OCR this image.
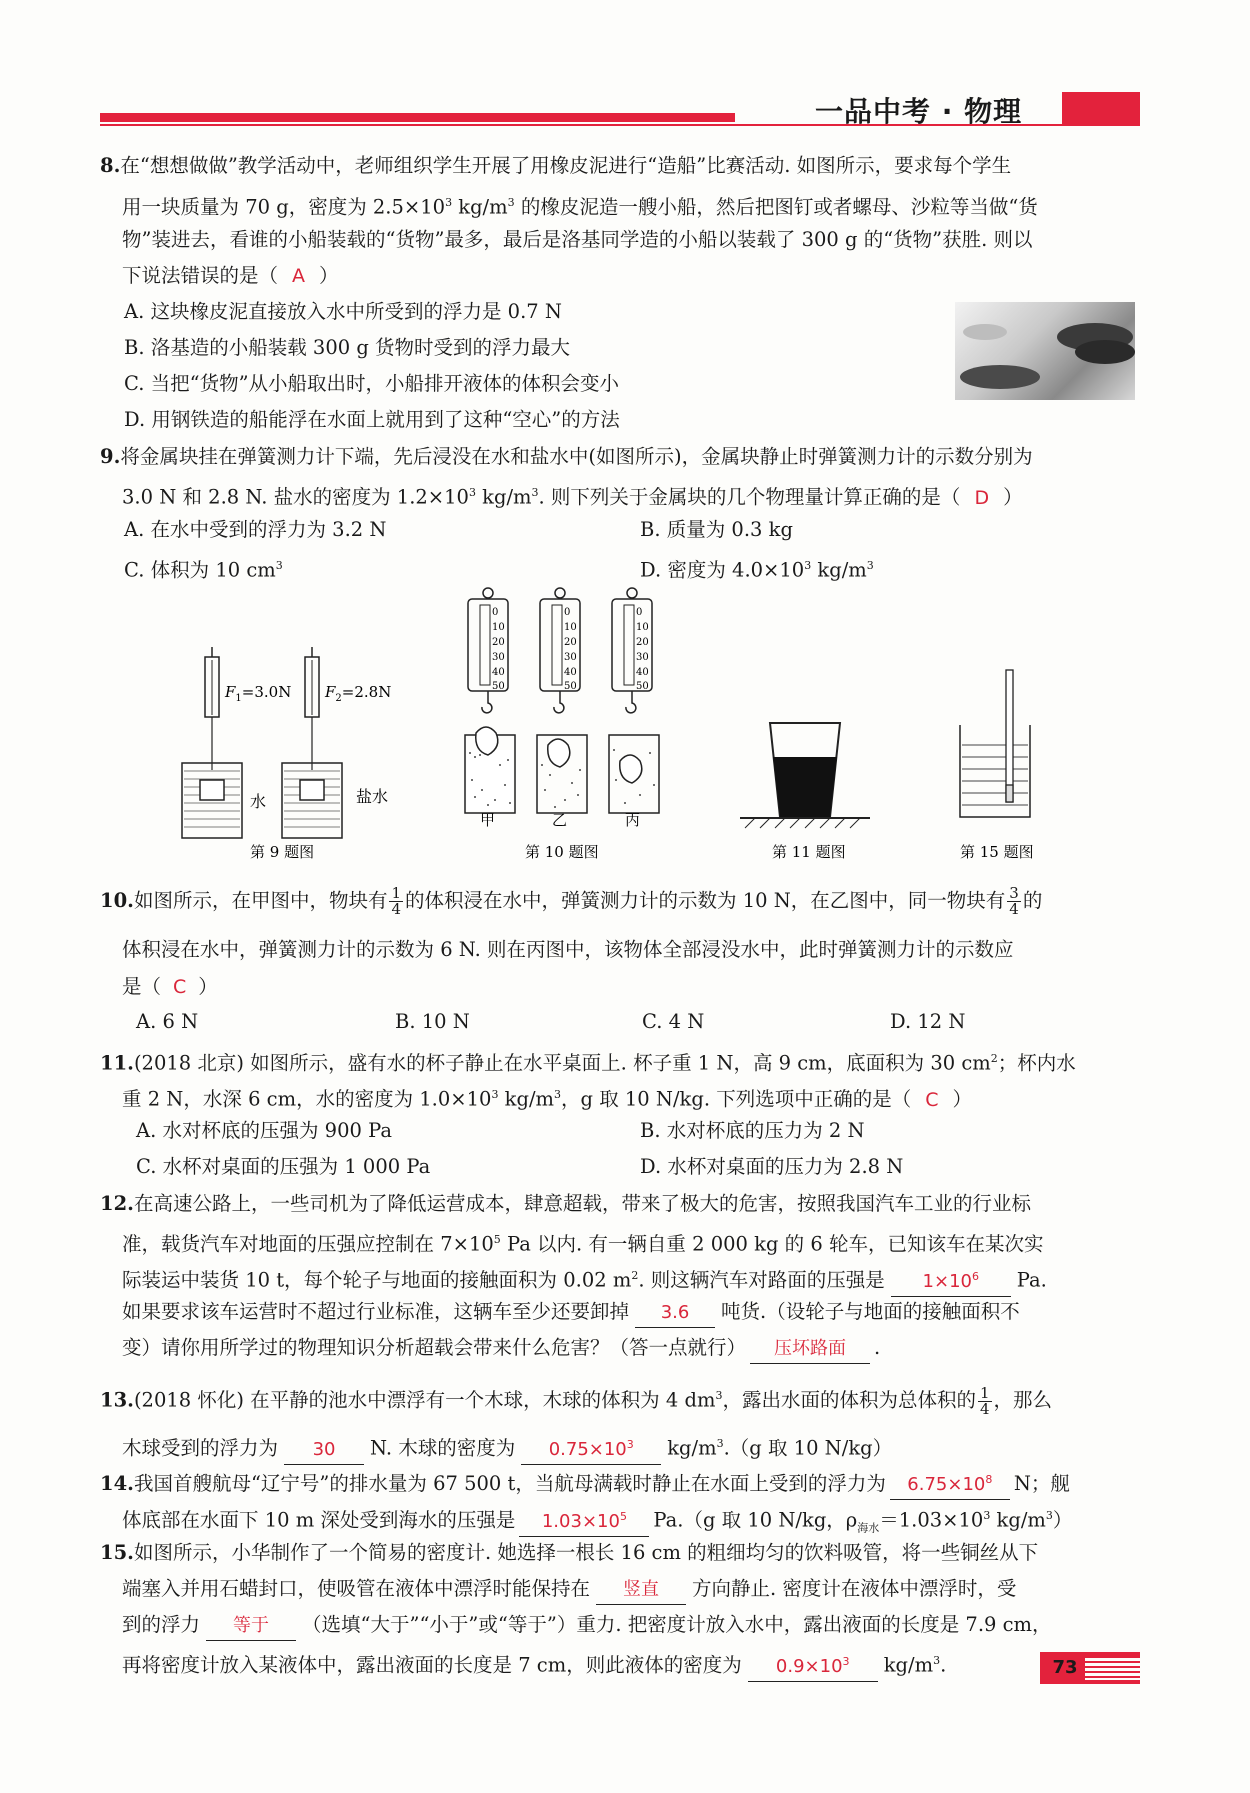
一品中考 · 物理
8.在“想想做做”教学活动中，老师组织学生开展了用橡皮泥进行“造船”比赛活动. 如图所示，要求每个学生
用一块质量为 70 g，密度为 $2.5\times 10^3$ $kg/m^3$ 的橡皮泥造一艘小船，然后把图钉或者螺母、沙粒等当做“货
物”装进去，看谁的小船装载的“货物”最多，最后是洛基同学造的小船以装载了 300 g 的“货物”获胜. 则以
下说法错误的是（ A ）
A. 这块橡皮泥直接放入水中所受到的浮力是 0.7 N
B. 洛基造的小船装载 300 g 货物时受到的浮力最大
C. 当把“货物”从小船取出时，小船排开液体的体积会变小
D. 用钢铁造的船能浮在水面上就用到了这种“空心”的方法
9.将金属块挂在弹簧测力计下端，先后浸没在水和盐水中(如图所示)，金属块静止时弹簧测力计的示数分别为
3.0 N 和 2.8 N. 盐水的密度为 $1.2\times 10^3$ $kg/m^3$. 则下列关于金属块的几个物理量计算正确的是（ D ）
A. 在水中受到的浮力为 3.2 N	B. 质量为 0.3 kg
C. 体积为 10 $cm^3$	D. 密度为 $4.0\times 10^3$ $kg/m^3$
$F_1=3.0N$
水
$F_2=2.8N$
盐水
第 9 题图
0
10
20
30
40
50
甲
0
10
20
30
40
50
乙
0
10
20
30
40
50
丙
第 10 题图	第 11 题图	第 15 题图
10.如图所示，在甲图中，物块有 $\frac{1}{4}$ 的体积浸在水中，弹簧测力计的示数为 10 N，在乙图中，同一物块有 $\frac{3}{4}$ 的
体积浸在水中，弹簧测力计的示数为 6 N. 则在丙图中，该物体全部浸没水中，此时弹簧测力计的示数应
是（ C ）
A. 6 N	B. 10 N	C. 4 N	D. 12 N
11.(2018 北京) 如图所示，盛有水的杯子静止在水平桌面上. 杯子重 1 N，高 9 cm，底面积为 30 $cm^2$；杯内水
重 2 N，水深 6 cm，水的密度为 $1.0\times 10^3$ $kg/m^3$，g 取 10 N/kg. 下列选项中正确的是（ C ）
A. 水对杯底的压强为 900 Pa	B. 水对杯底的压力为 2 N
C. 水杯对桌面的压强为 1 000 Pa	D. 水杯对桌面的压力为 2.8 N
12.在高速公路上，一些司机为了降低运营成本，肆意超载，带来了极大的危害，按照我国汽车工业的行业标
准，载货汽车对地面的压强应控制在 $7\times 10^5$ Pa 以内. 有一辆自重 2 000 kg 的 6 轮车，已知该车在某次实
际装运中装货 10 t，每个轮子与地面的接触面积为 0.02 $m^2$. 则这辆汽车对路面的压强是 $1\times 10^6$ Pa.
如果要求该车运营时不超过行业标准，这辆车至少还要卸掉 3.6 吨货.（设轮子与地面的接触面积不
变）请你用所学过的物理知识分析超载会带来什么危害？（答一点就行） 压坏路面 .
13.(2018 怀化) 在平静的池水中漂浮有一个木球，木球的体积为 4 $dm^3$，露出水面的体积为总体积的 $\frac{1}{4}$ ，那么
木球受到的浮力为 30 N. 木球的密度为 $0.75\times 10^3$ $kg/m^3.(g$ 取 10 N/kg）
14.我国首艘航母“辽宁号”的排水量为 67 500 t，当航母满载时静止在水面上受到的浮力为 $6.75\times 10^8$ N；舰
体底部在水面下 10 m 深处受到海水的压强是 $1.03\times 10^5$ Pa.（g 取 10 N/kg，$\rho_{海水}=1.03\times 10^3$ $kg/m^3$）
15.如图所示，小华制作了一个简易的密度计. 她选择一根长 16 cm 的粗细均匀的饮料吸管，将一些铜丝从下
端塞入并用石蜡封口，使吸管在液体中漂浮时能保持在 竖直 方向静止. 密度计在液体中漂浮时，受
到的浮力 等于 （选填“大于”“小于”或“等于”）重力. 把密度计放入水中，露出液面的长度是 7.9 cm，
再将密度计放入某液体中，露出液面的长度是 7 cm，则此液体的密度为 $0.9\times 10^3$ $kg/m^3$.	73
